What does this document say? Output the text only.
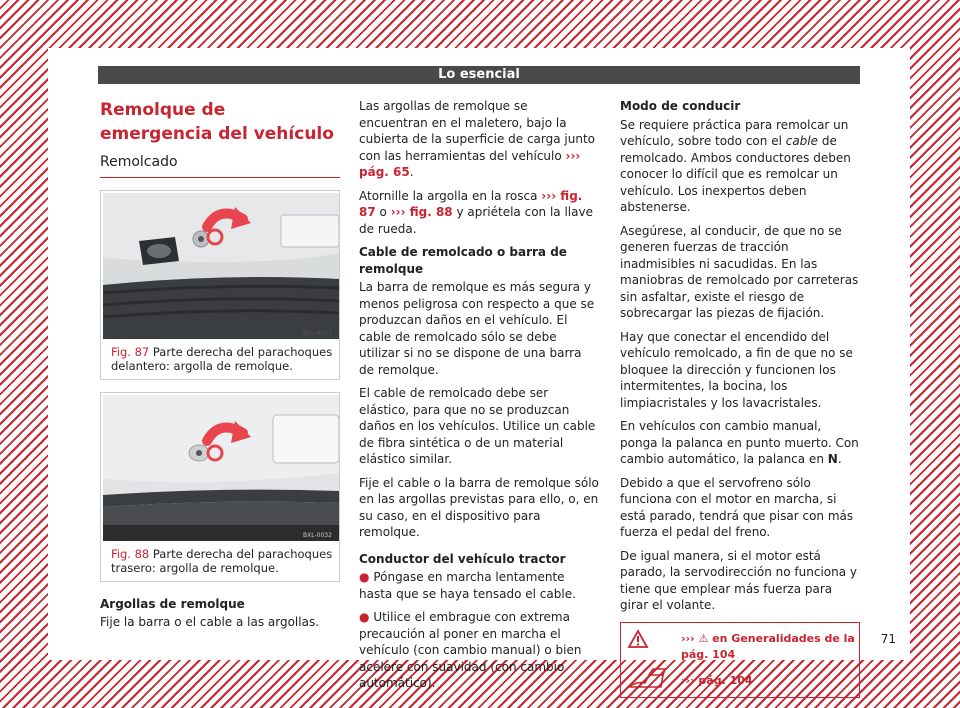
Lo esencial
Remolque de emergencia del vehículo
Remolcado
BXL-0031
Fig. 87 Parte derecha del parachoques delantero: argolla de remolque.
BXL-0032
Fig. 88 Parte derecha del parachoques trasero: argolla de remolque.

Argollas de remolque

Fije la barra o el cable a las argollas.

Las argollas de remolque se encuentran en el maletero, bajo la cubierta de la superficie de carga junto con las herramientas del vehículo ››› pág. 65.

Atornille la argolla en la rosca ››› fig. 87 o ››› fig. 88 y apriétela con la llave de rueda.

Cable de remolcado o barra de remolque

La barra de remolque es más segura y menos peligrosa con respecto a que se produzcan daños en el vehículo. El cable de remolcado sólo se debe utilizar si no se dispone de una barra de remolque.

El cable de remolcado debe ser elástico, para que no se produzcan daños en los vehículos. Utilice un cable de fibra sintética o de un material elástico similar.

Fije el cable o la barra de remolque sólo en las argollas previstas para ello, o, en su caso, en el dispositivo para remolque.

Conductor del vehículo tractor

● Póngase en marcha lentamente hasta que se haya tensado el cable.

● Utilice el embrague con extrema precaución al poner en marcha el vehículo (con cambio manual) o bien acelere con suavidad (con cambio automático).

Modo de conducir

Se requiere práctica para remolcar un vehículo, sobre todo con el cable de remolcado. Ambos conductores deben conocer lo difícil que es remolcar un vehículo. Los inexpertos deben abstenerse.

Asegúrese, al conducir, de que no se generen fuerzas de tracción inadmisibles ni sacudidas. En las maniobras de remolcado por carreteras sin asfaltar, existe el riesgo de sobrecargar las piezas de fijación.

Hay que conectar el encendido del vehículo remolcado, a fin de que no se bloquee la dirección y funcionen los intermitentes, la bocina, los limpiacristales y los lavacristales.

En vehículos con cambio manual, ponga la palanca en punto muerto. Con cambio automático, la palanca en N.

Debido a que el servofreno sólo funciona con el motor en marcha, si está parado, tendrá que pisar con más fuerza el pedal del freno.

De igual manera, si el motor está parado, la servodirección no funciona y tiene que emplear más fuerza para girar el volante.

››› ⚠ en Generalidades de la pág. 104
››› pág. 104
71
